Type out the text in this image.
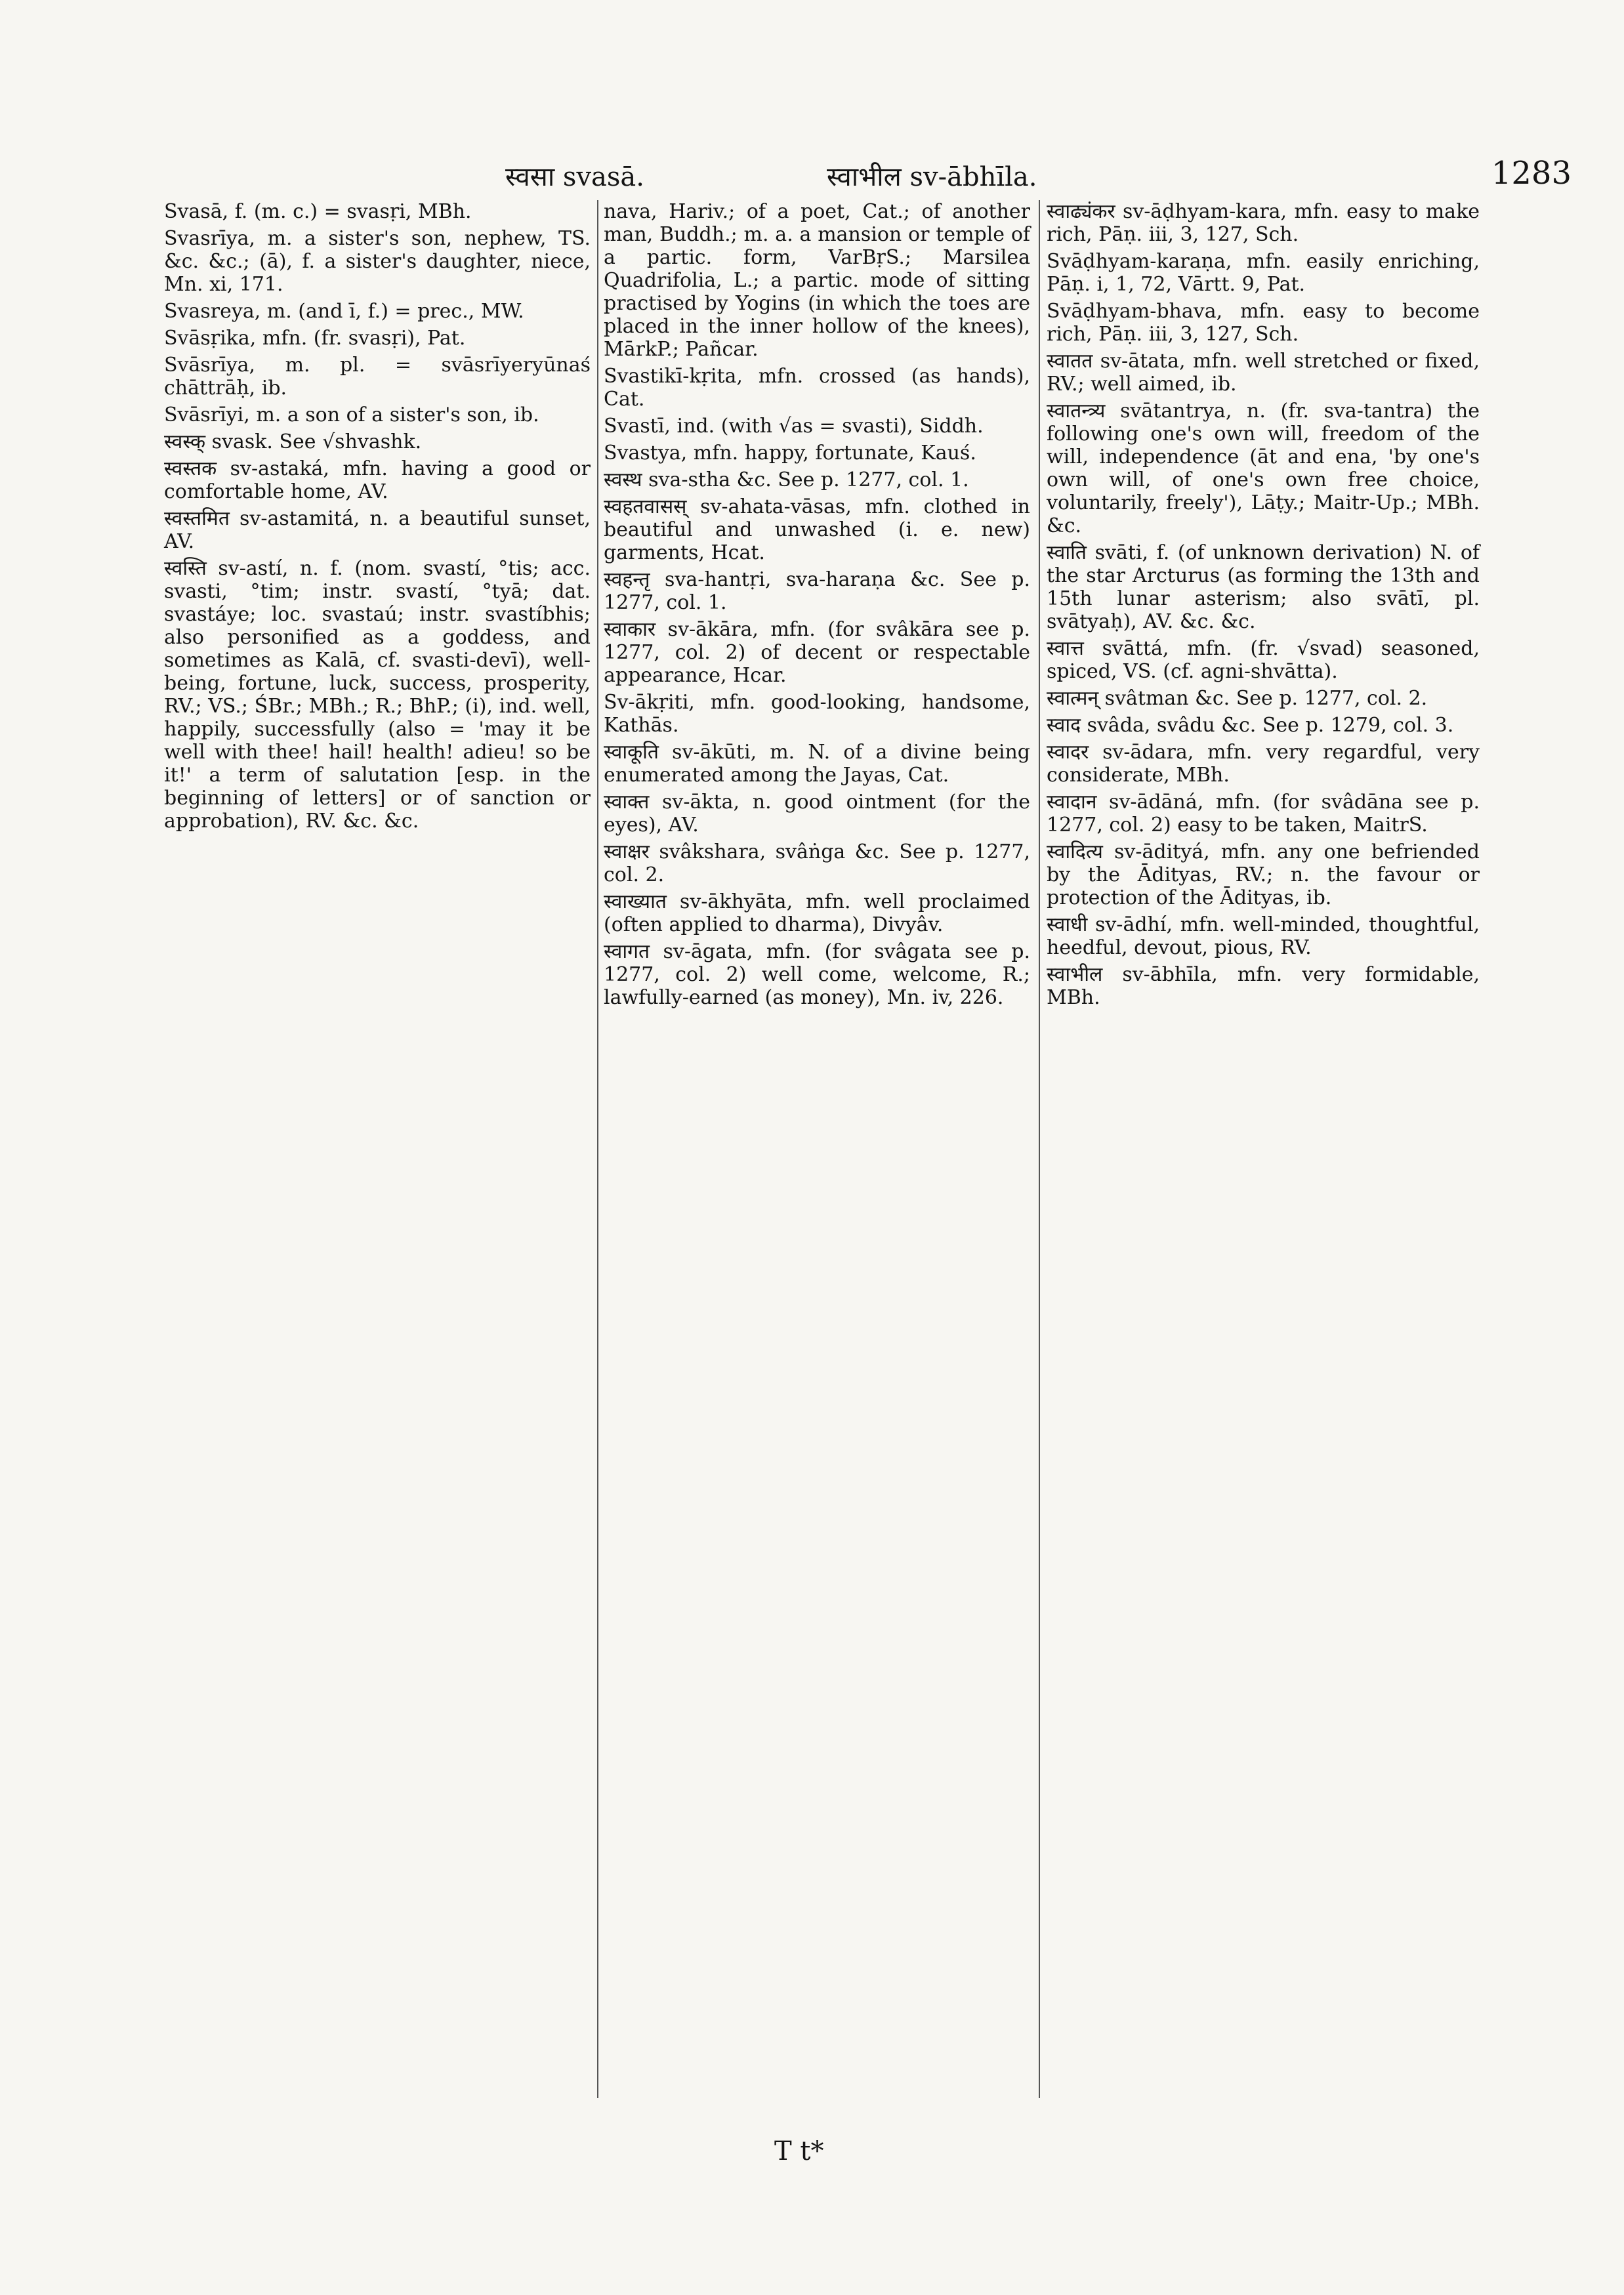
स्वसा svasā.	स्वाभील sv-ābhīla.	1283

Svasā, f. (m. c.) = svasṛi, MBh.

Svasrīya, m. a sister's son, nephew, TS. &c. &c.; (ā), f. a sister's daughter, niece, Mn. xi, 171.

Svasreya, m. (and ī, f.) = prec., MW.

Svāsṛika, mfn. (fr. svasṛi), Pat.

Svāsrīya, m. pl. = svāsrīyeryūnaś chāttrāḥ, ib.

Svāsrīyi, m. a son of a sister's son, ib.

स्वस्क् svask. See √shvashk.

स्वस्तक sv-astaká, mfn. having a good or comfortable home, AV.

स्वस्तमित sv-astamitá, n. a beautiful sunset, AV.

स्वस्ति sv-astí, n. f. (nom. svastí, °tis; acc. svasti, °tim; instr. svastí, °tyā; dat. svastáye; loc. svastaú; instr. svastíbhis; also personified as a goddess, and sometimes as Kalā, cf. svasti-devī), well-being, fortune, luck, success, prosperity, RV.; VS.; ŚBr.; MBh.; R.; BhP.; (i), ind. well, happily, successfully (also = 'may it be well with thee! hail! health! adieu! so be it!' a term of salutation [esp. in the beginning of letters] or of sanction or approbation), RV. &c. &c.

nava, Hariv.; of a poet, Cat.; of another man, Buddh.; m. a. a mansion or temple of a partic. form, VarBṛS.; Marsilea Quadrifolia, L.; a partic. mode of sitting practised by Yogins (in which the toes are placed in the inner hollow of the knees), MārkP.; Pañcar.

Svastikī-kṛita, mfn. crossed (as hands), Cat.

Svastī, ind. (with √as = svasti), Siddh.

Svastya, mfn. happy, fortunate, Kauś.

स्वस्थ sva-stha &c. See p. 1277, col. 1.

स्वहतवासस् sv-ahata-vāsas, mfn. clothed in beautiful and unwashed (i. e. new) garments, Hcat.

स्वहन्तृ sva-hantṛi, sva-haraṇa &c. See p. 1277, col. 1.

स्वाकार sv-ākāra, mfn. (for svâkāra see p. 1277, col. 2) of decent or respectable appearance, Hcar.

Sv-ākṛiti, mfn. good-looking, handsome, Kathās.

स्वाकूति sv-ākūti, m. N. of a divine being enumerated among the Jayas, Cat.

स्वाक्त sv-ākta, n. good ointment (for the eyes), AV.

स्वाक्षर svâkshara, svâṅga &c. See p. 1277, col. 2.

स्वाख्यात sv-ākhyāta, mfn. well proclaimed (often applied to dharma), Divyâv.

स्वागत sv-āgata, mfn. (for svâgata see p. 1277, col. 2) well come, welcome, R.; lawfully-earned (as money), Mn. iv, 226.

स्वाढ्यंकर sv-āḍhyam-kara, mfn. easy to make rich, Pāṇ. iii, 3, 127, Sch.

Svāḍhyam-karaṇa, mfn. easily enriching, Pāṇ. i, 1, 72, Vārtt. 9, Pat.

Svāḍhyam-bhava, mfn. easy to become rich, Pāṇ. iii, 3, 127, Sch.

स्वातत sv-ātata, mfn. well stretched or fixed, RV.; well aimed, ib.

स्वातन्त्र्य svātantrya, n. (fr. sva-tantra) the following one's own will, freedom of the will, independence (āt and ena, 'by one's own will, of one's own free choice, voluntarily, freely'), Lāṭy.; Maitr-Up.; MBh. &c.

स्वाति svāti, f. (of unknown derivation) N. of the star Arcturus (as forming the 13th and 15th lunar asterism; also svātī, pl. svātyaḥ), AV. &c. &c.

स्वात्त svāttá, mfn. (fr. √svad) seasoned, spiced, VS. (cf. agni-shvātta).

स्वात्मन् svâtman &c. See p. 1277, col. 2.

स्वाद svâda, svâdu &c. See p. 1279, col. 3.

स्वादर sv-ādara, mfn. very regardful, very considerate, MBh.

स्वादान sv-ādāná, mfn. (for svâdāna see p. 1277, col. 2) easy to be taken, MaitrS.

स्वादित्य sv-ādityá, mfn. any one befriended by the Ādityas, RV.; n. the favour or protection of the Ādityas, ib.

स्वाधी sv-ādhí, mfn. well-minded, thoughtful, heedful, devout, pious, RV.

स्वाभील sv-ābhīla, mfn. very formidable, MBh.

T t*
